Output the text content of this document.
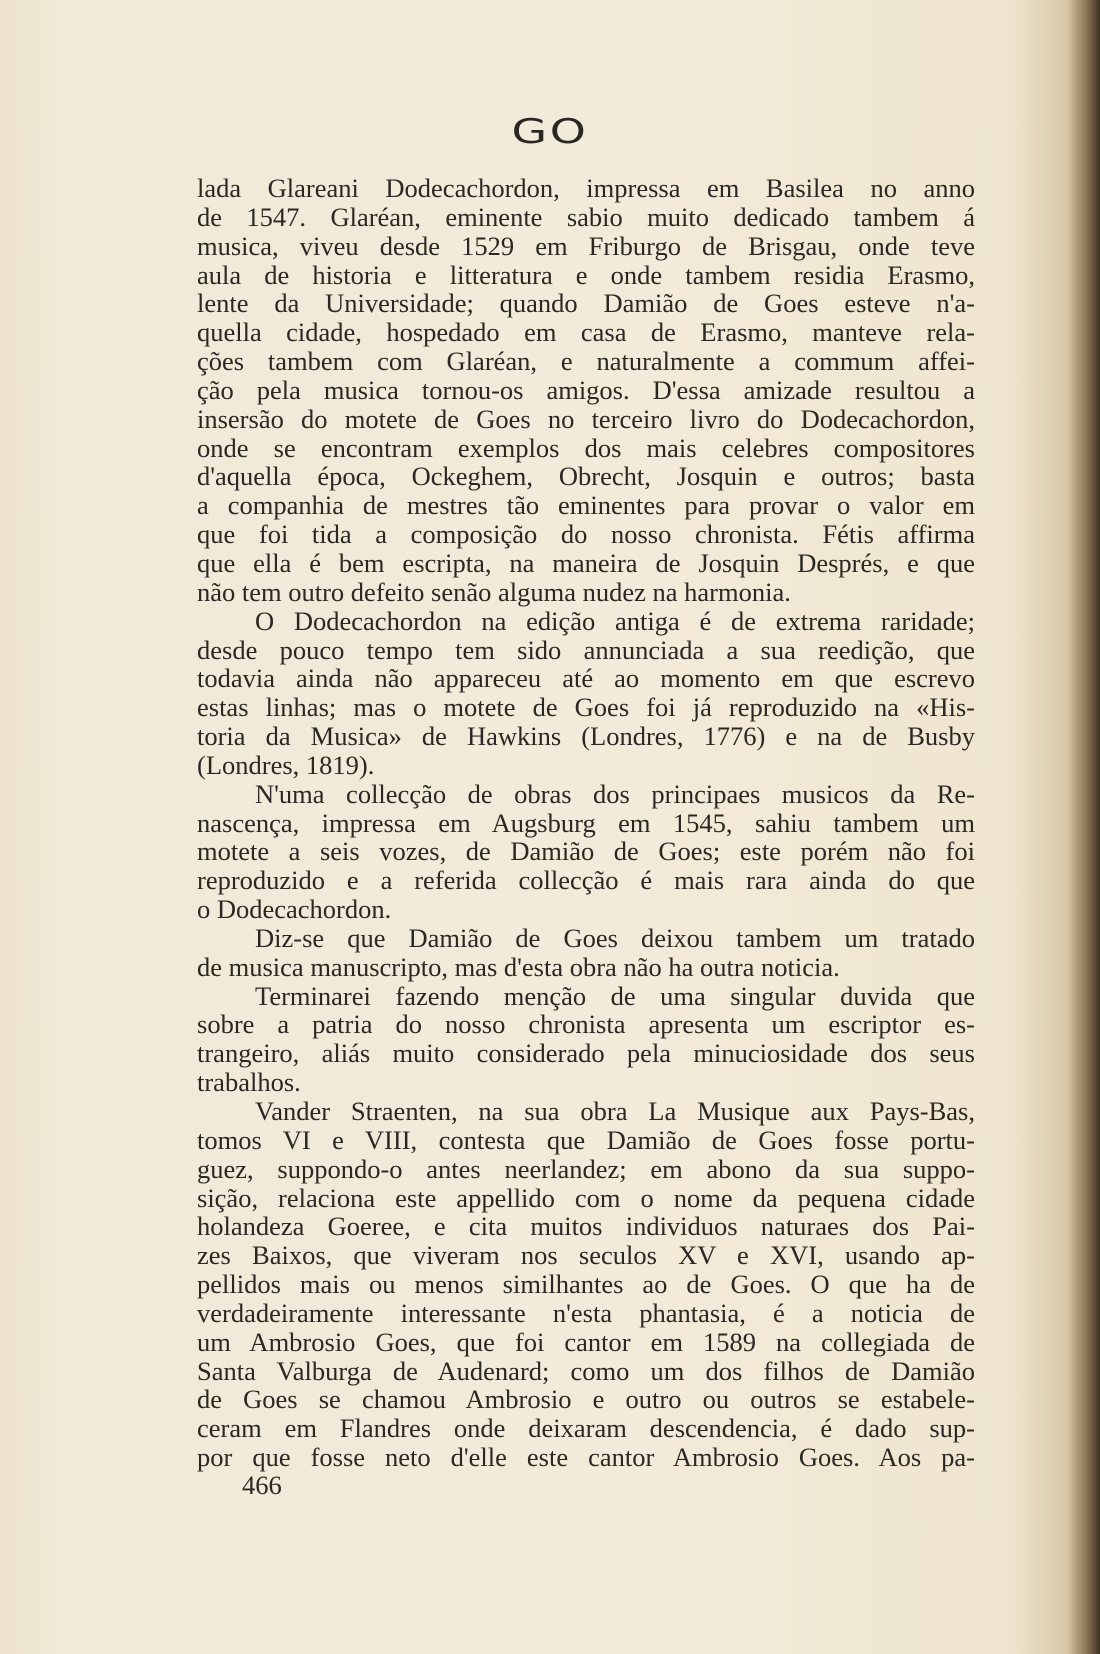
GO
lada Glareani Dodecachordon, impressa em Basilea no anno
de 1547. Glaréan, eminente sabio muito dedicado tambem á
musica, viveu desde 1529 em Friburgo de Brisgau, onde teve
aula de historia e litteratura e onde tambem residia Erasmo,
lente da Universidade; quando Damião de Goes esteve n'a-
quella cidade, hospedado em casa de Erasmo, manteve rela-
ções tambem com Glaréan, e naturalmente a commum affei-
ção pela musica tornou-os amigos. D'essa amizade resultou a
insersão do motete de Goes no terceiro livro do Dodecachordon,
onde se encontram exemplos dos mais celebres compositores
d'aquella época, Ockeghem, Obrecht, Josquin e outros; basta
a companhia de mestres tão eminentes para provar o valor em
que foi tida a composição do nosso chronista. Fétis affirma
que ella é bem escripta, na maneira de Josquin Després, e que
não tem outro defeito senão alguma nudez na harmonia.
O Dodecachordon na edição antiga é de extrema raridade;
desde pouco tempo tem sido annunciada a sua reedição, que
todavia ainda não appareceu até ao momento em que escrevo
estas linhas; mas o motete de Goes foi já reproduzido na «His-
toria da Musica» de Hawkins (Londres, 1776) e na de Busby
(Londres, 1819).
N'uma collecção de obras dos principaes musicos da Re-
nascença, impressa em Augsburg em 1545, sahiu tambem um
motete a seis vozes, de Damião de Goes; este porém não foi
reproduzido e a referida collecção é mais rara ainda do que
o Dodecachordon.
Diz-se que Damião de Goes deixou tambem um tratado
de musica manuscripto, mas d'esta obra não ha outra noticia.
Terminarei fazendo menção de uma singular duvida que
sobre a patria do nosso chronista apresenta um escriptor es-
trangeiro, aliás muito considerado pela minuciosidade dos seus
trabalhos.
Vander Straenten, na sua obra La Musique aux Pays-Bas,
tomos VI e VIII, contesta que Damião de Goes fosse portu-
guez, suppondo-o antes neerlandez; em abono da sua suppo-
sição, relaciona este appellido com o nome da pequena cidade
holandeza Goeree, e cita muitos individuos naturaes dos Pai-
zes Baixos, que viveram nos seculos XV e XVI, usando ap-
pellidos mais ou menos similhantes ao de Goes. O que ha de
verdadeiramente interessante n'esta phantasia, é a noticia de
um Ambrosio Goes, que foi cantor em 1589 na collegiada de
Santa Valburga de Audenard; como um dos filhos de Damião
de Goes se chamou Ambrosio e outro ou outros se estabele-
ceram em Flandres onde deixaram descendencia, é dado sup-
por que fosse neto d'elle este cantor Ambrosio Goes. Aos pa-
466
